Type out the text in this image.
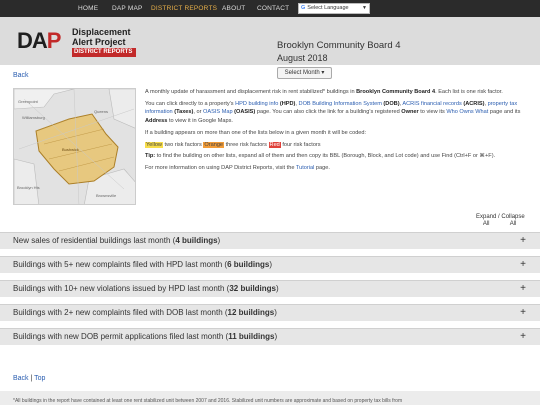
HOME DAP MAP DISTRICT REPORTS ABOUT CONTACT	G Select Language	▼
DAP Displacement
Alert Project
DISTRICT REPORTS
Brooklyn Community Board 4
August 2018
Select Month ▾
Back
Greenpoint
Williamsburg
Queens
Bushwick
Brooklyn Hts
Brownsville

A monthly update of harassment and displacement risk in rent stabilized* buildings in Brooklyn Community Board 4. Each list is one risk factor.

You can click directly to a property's HPD building info (HPD), DOB Building Information System (DOB), ACRIS financial records (ACRIS), property tax information (Taxes), or OASIS Map (OASIS) page. You can also click the link for a building's registered Owner to view its Who Owns What page and its Address to view it in Google Maps.

If a building appears on more than one of the lists below in a given month it will be coded:

Yellow two risk factors Orange three risk factors Red four risk factors

Tip: to find the building on other lists, expand all of them and then copy its BBL (Borough, Block, and Lot code) and use Find (Ctrl+F or ⌘+F).

For more information on using DAP District Reports, visit the Tutorial page.

Expand
All / Collapse
All
New sales of residential buildings last month (4 buildings)	+
Buildings with 5+ new complaints filed with HPD last month (6 buildings)	+
Buildings with 10+ new violations issued by HPD last month (32 buildings)	+
Buildings with 2+ new complaints filed with DOB last month (12 buildings)	+
Buildings with new DOB permit applications filed last month (11 buildings)	+
Back | Top
*All buildings in the report have contained at least one rent stabilized unit between 2007 and 2016. Stabilized unit numbers are approximate and based on property tax bills from
